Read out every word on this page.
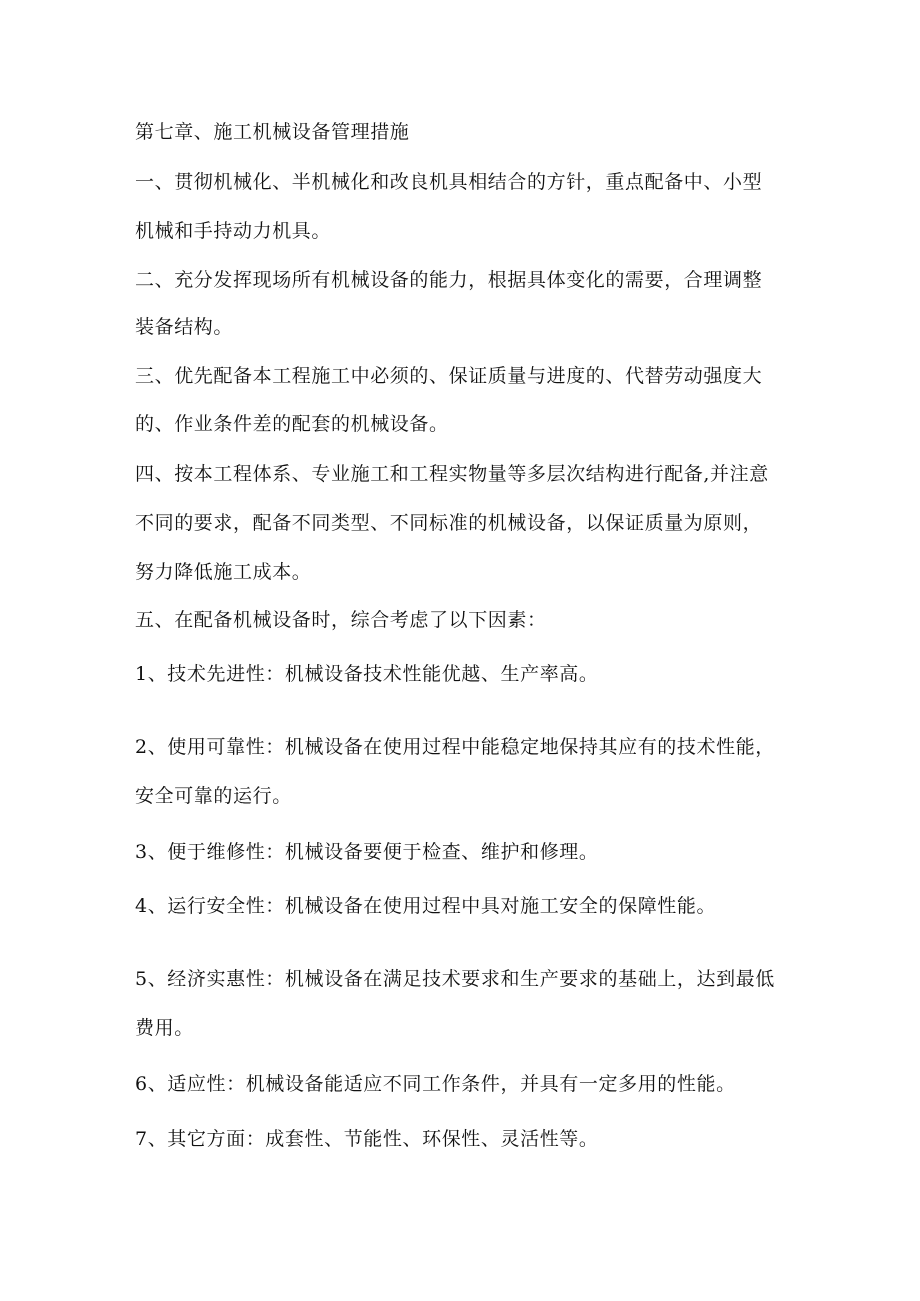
第七章、施工机械设备管理措施
一、贯彻机械化、半机械化和改良机具相结合的方针，重点配备中、小型
机械和手持动力机具。
二、充分发挥现场所有机械设备的能力，根据具体变化的需要，合理调整
装备结构。
三、优先配备本工程施工中必须的、保证质量与进度的、代替劳动强度大
的、作业条件差的配套的机械设备。
四、按本工程体系、专业施工和工程实物量等多层次结构进行配备,并注意
不同的要求，配备不同类型、不同标准的机械设备，以保证质量为原则，
努力降低施工成本。
五、在配备机械设备时，综合考虑了以下因素：
1、技术先进性：机械设备技术性能优越、生产率高。
2、使用可靠性：机械设备在使用过程中能稳定地保持其应有的技术性能，
安全可靠的运行。
3、便于维修性：机械设备要便于检查、维护和修理。
4、运行安全性：机械设备在使用过程中具对施工安全的保障性能。
5、经济实惠性：机械设备在满足技术要求和生产要求的基础上，达到最低
费用。
6、适应性：机械设备能适应不同工作条件，并具有一定多用的性能。
7、其它方面：成套性、节能性、环保性、灵活性等。
